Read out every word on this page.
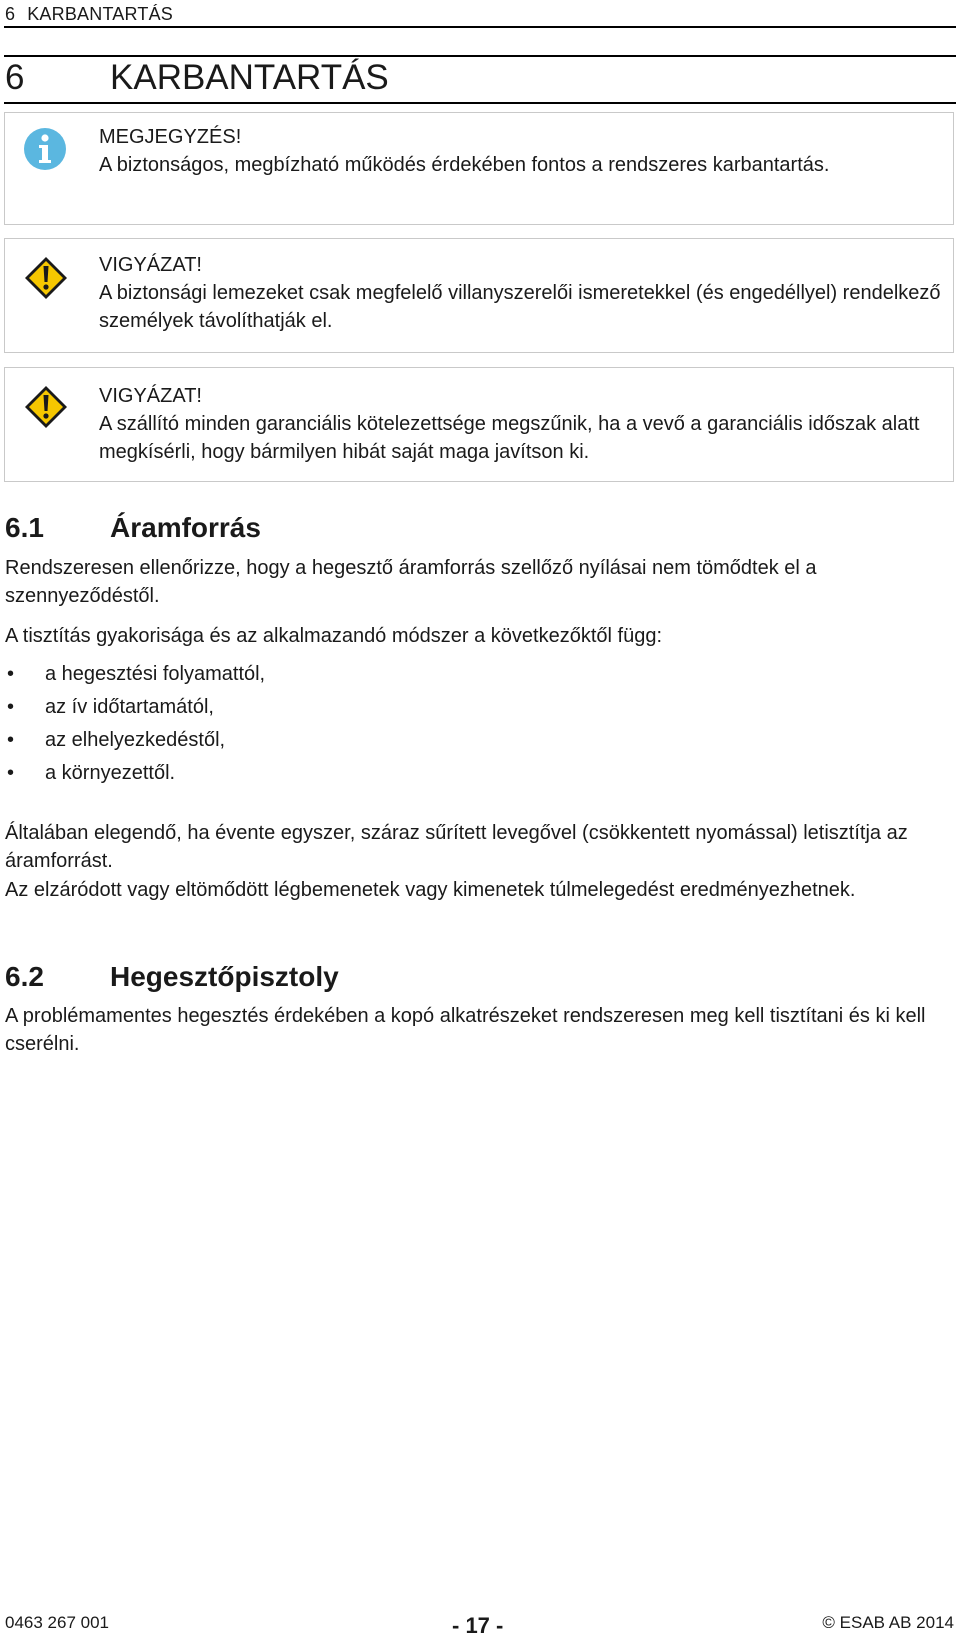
6 KARBANTARTÁS
6 KARBANTARTÁS
MEGJEGYZÉS!
A biztonságos, megbízható működés érdekében fontos a rendszeres karbantartás.
VIGYÁZAT!
A biztonsági lemezeket csak megfelelő villanyszerelői ismeretekkel (és engedéllyel) rendelkező személyek távolíthatják el.
VIGYÁZAT!
A szállító minden garanciális kötelezettsége megszűnik, ha a vevő a garanciális időszak alatt megkísérli, hogy bármilyen hibát saját maga javítson ki.
6.1 Áramforrás

Rendszeresen ellenőrizze, hogy a hegesztő áramforrás szellőző nyílásai nem tömődtek el a szennyeződéstől.

A tisztítás gyakorisága és az alkalmazandó módszer a következőktől függ:

• a hegesztési folyamattól,
• az ív időtartamától,
• az elhelyezkedéstől,
• a környezettől.

Általában elegendő, ha évente egyszer, száraz sűrített levegővel (csökkentett nyomással) letisztítja az áramforrást.

Az elzáródott vagy eltömődött légbemenetek vagy kimenetek túlmelegedést eredményezhetnek.

6.2 Hegesztőpisztoly

A problémamentes hegesztés érdekében a kopó alkatrészeket rendszeresen meg kell tisztítani és ki kell cserélni.

0463 267 001	- 17 -	© ESAB AB 2014
